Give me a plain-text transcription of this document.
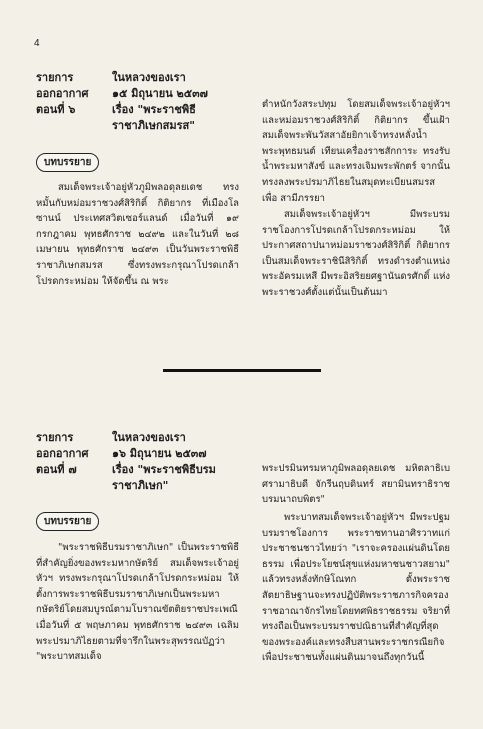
4
รายการ	ในหลวงของเรา
ออกอากาศ	๑๕ มิถุนายน ๒๕๓๗
ตอนที่ ๖	เรื่อง "พระราชพิธีราชาภิเษกสมรส"
บทบรรยาย

สมเด็จพระเจ้าอยู่หัวภูมิพลอดุลยเดช ทรงหมั้นกับหม่อมราชวงศ์สิริกิติ์ กิติยากร ที่เมืองโลซานน์ ประเทศสวิตเซอร์แลนด์ เมื่อวันที่ ๑๙ กรกฎาคม พุทธศักราช ๒๔๙๒ และในวันที่ ๒๘ เมษายน พุทธศักราช ๒๔๙๓ เป็นวันพระราชพิธีราชาภิเษกสมรส ซึ่งทรงพระกรุณาโปรดเกล้าโปรดกระหม่อม ให้จัดขึ้น ณ พระ

ตำหนักวังสระปทุม โดยสมเด็จพระเจ้าอยู่หัวฯ และหม่อมราชวงศ์สิริกิติ์ กิติยากร ขึ้นเฝ้าสมเด็จพระพันวัสสาอัยยิกาเจ้าทรงหลั่งน้ำพระพุทธมนต์ เทียนเครื่องราชสักการะ ทรงรับน้ำพระมหาสังข์ และทรงเจิมพระพักตร์ จากนั้นทรงลงพระปรมาภิไธยในสมุดทะเบียนสมรสเพื่อ สามีภรรยา

สมเด็จพระเจ้าอยู่หัวฯ มีพระบรมราชโองการโปรดเกล้าโปรดกระหม่อม ให้ประกาศสถาปนาหม่อมราชวงศ์สิริกิติ์ กิติยากร เป็นสมเด็จพระราชินีสิริกิติ์ ทรงดำรงตำแหน่งพระอัครมเหสี มีพระอิสริยยศฐานันดรศักดิ์ แห่งพระราชวงศ์ตั้งแต่นั้นเป็นต้นมา

รายการ	ในหลวงของเรา
ออกอากาศ	๑๖ มิถุนายน ๒๕๓๗
ตอนที่ ๗	เรื่อง "พระราชพิธีบรมราชาภิเษก"
บทบรรยาย

"พระราชพิธีบรมราชาภิเษก" เป็นพระราชพิธีที่สำคัญยิ่งของพระมหากษัตริย์ สมเด็จพระเจ้าอยู่หัวฯ ทรงพระกรุณาโปรดเกล้าโปรดกระหม่อม ให้ตั้งการพระราชพิธีบรมราชาภิเษกเป็นพระมหากษัตริย์โดยสมบูรณ์ตามโบราณขัตติยราชประเพณี เมื่อวันที่ ๕ พฤษภาคม พุทธศักราช ๒๔๙๓ เฉลิมพระปรมาภิไธยตามที่จารึกในพระสุพรรณบัฏว่า "พระบาทสมเด็จ

พระปรมินทรมหาภูมิพลอดุลยเดช มหิตลาธิเบศรามาธิบดี จักรีนฤบดินทร์ สยามินทราธิราช บรมนาถบพิตร"

พระบาทสมเด็จพระเจ้าอยู่หัวฯ มีพระปฐมบรมราชโองการ พระราชทานอาศิรวาทแก่ประชาชนชาวไทยว่า "เราจะครองแผ่นดินโดยธรรม เพื่อประโยชน์สุขแห่งมหาชนชาวสยาม" แล้วทรงหลั่งทักษิโณทก ตั้งพระราชสัตยาธิษฐานจะทรงปฏิบัติพระราชภารกิจครองราชอาณาจักรไทยโดยทศพิธราชธรรม จริยาที่ทรงถือเป็นพระบรมราชปณิธานที่สำคัญที่สุดของพระองค์และทรงสืบสานพระราชกรณียกิจเพื่อประชาชนทั้งแผ่นดินมาจนถึงทุกวันนี้
